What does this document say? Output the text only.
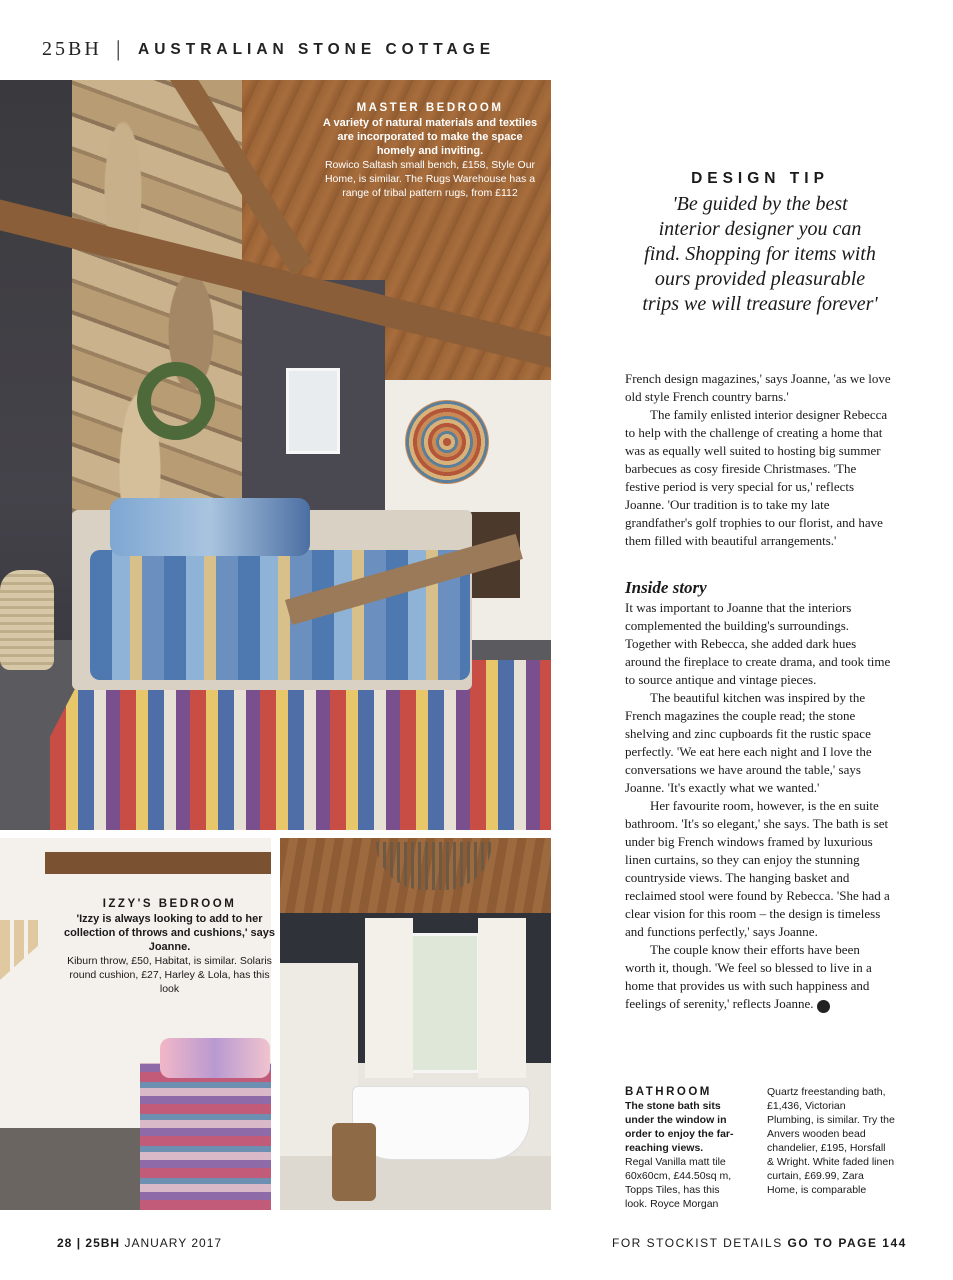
25BH | AUSTRALIAN STONE COTTAGE
MASTER BEDROOM
A variety of natural materials and textiles are incorporated to make the space homely and inviting.
Rowico Saltash small bench, £158, Style Our Home, is similar. The Rugs Warehouse has a range of tribal pattern rugs, from £112
DESIGN TIP
'Be guided by the best
interior designer you can
find. Shopping for items with
ours provided pleasurable
trips we will treasure forever'

French design magazines,' says Joanne, 'as we love old style French country barns.'

The family enlisted interior designer Rebecca to help with the challenge of creating a home that was as equally well suited to hosting big summer barbecues as cosy fireside Christmases. 'The festive period is very special for us,' reflects Joanne. 'Our tradition is to take my late grandfather's golf trophies to our florist, and have them filled with beautiful arrangements.'

Inside story

It was important to Joanne that the interiors complemented the building's surroundings. Together with Rebecca, she added dark hues around the fireplace to create drama, and took time to source antique and vintage pieces.

The beautiful kitchen was inspired by the French magazines the couple read; the stone shelving and zinc cupboards fit the rustic space perfectly. 'We eat here each night and I love the conversations we have around the table,' says Joanne. 'It's exactly what we wanted.'

Her favourite room, however, is the en suite bathroom. 'It's so elegant,' she says. The bath is set under big French windows framed by luxurious linen curtains, so they can enjoy the stunning countryside views. The hanging basket and reclaimed stool were found by Rebecca. 'She had a clear vision for this room – the design is timeless and functions perfectly,' says Joanne.

The couple know their efforts have been worth it, though. 'We feel so blessed to live in a home that provides us with such happiness and feelings of serenity,' reflects Joanne.	25

IZZY'S BEDROOM
'Izzy is always looking to add to her collection of throws and cushions,' says Joanne.
Kiburn throw, £50, Habitat, is similar. Solaris round cushion, £27, Harley & Lola, has this look
BATHROOM
The stone bath sits under the window in order to enjoy the far-reaching views.
Regal Vanilla matt tile 60x60cm, £44.50sq m, Topps Tiles, has this look. Royce Morgan
Quartz freestanding bath, £1,436, Victorian Plumbing, is similar. Try the Anvers wooden bead chandelier, £195, Horsfall & Wright. White faded linen curtain, £69.99, Zara Home, is comparable
28 | 25BH JANUARY 2017	FOR STOCKIST DETAILS GO TO PAGE 144
